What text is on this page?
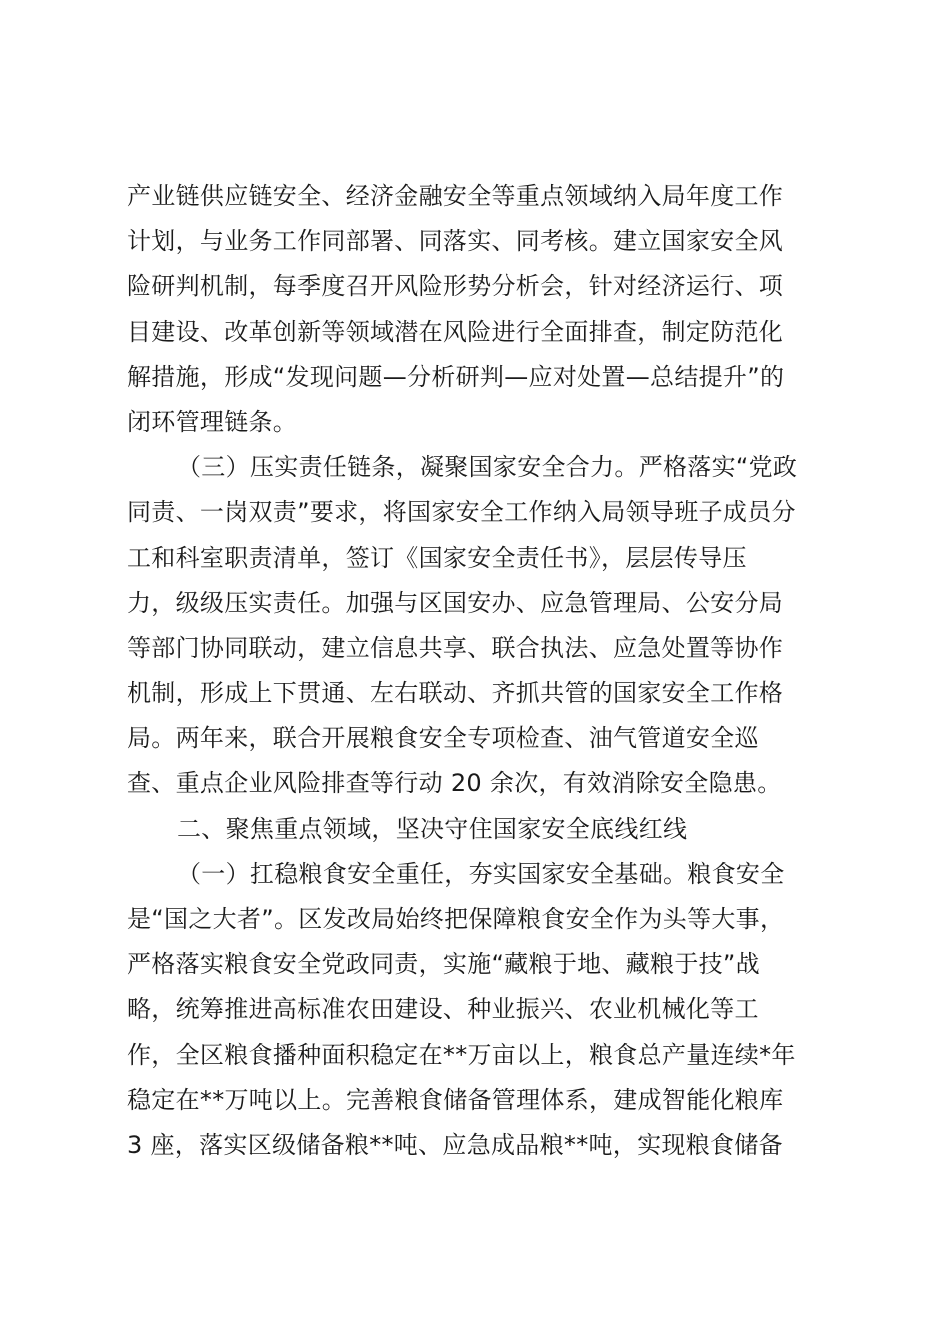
产业链供应链安全、经济金融安全等重点领域纳入局年度工作
计划，与业务工作同部署、同落实、同考核。建立国家安全风
险研判机制，每季度召开风险形势分析会，针对经济运行、项
目建设、改革创新等领域潜在风险进行全面排查，制定防范化
解措施，形成“发现问题—分析研判—应对处置—总结提升”的
闭环管理链条。
（三）压实责任链条，凝聚国家安全合力。严格落实“党政
同责、一岗双责”要求，将国家安全工作纳入局领导班子成员分
工和科室职责清单，签订《国家安全责任书》，层层传导压
力，级级压实责任。加强与区国安办、应急管理局、公安分局
等部门协同联动，建立信息共享、联合执法、应急处置等协作
机制，形成上下贯通、左右联动、齐抓共管的国家安全工作格
局。两年来，联合开展粮食安全专项检查、油气管道安全巡
查、重点企业风险排查等行动 20 余次，有效消除安全隐患。
二、聚焦重点领域，坚决守住国家安全底线红线
（一）扛稳粮食安全重任，夯实国家安全基础。粮食安全
是“国之大者”。区发改局始终把保障粮食安全作为头等大事，
严格落实粮食安全党政同责，实施“藏粮于地、藏粮于技”战
略，统筹推进高标准农田建设、种业振兴、农业机械化等工
作，全区粮食播种面积稳定在**万亩以上，粮食总产量连续*年
稳定在**万吨以上。完善粮食储备管理体系，建成智能化粮库
3 座，落实区级储备粮**吨、应急成品粮**吨，实现粮食储备
